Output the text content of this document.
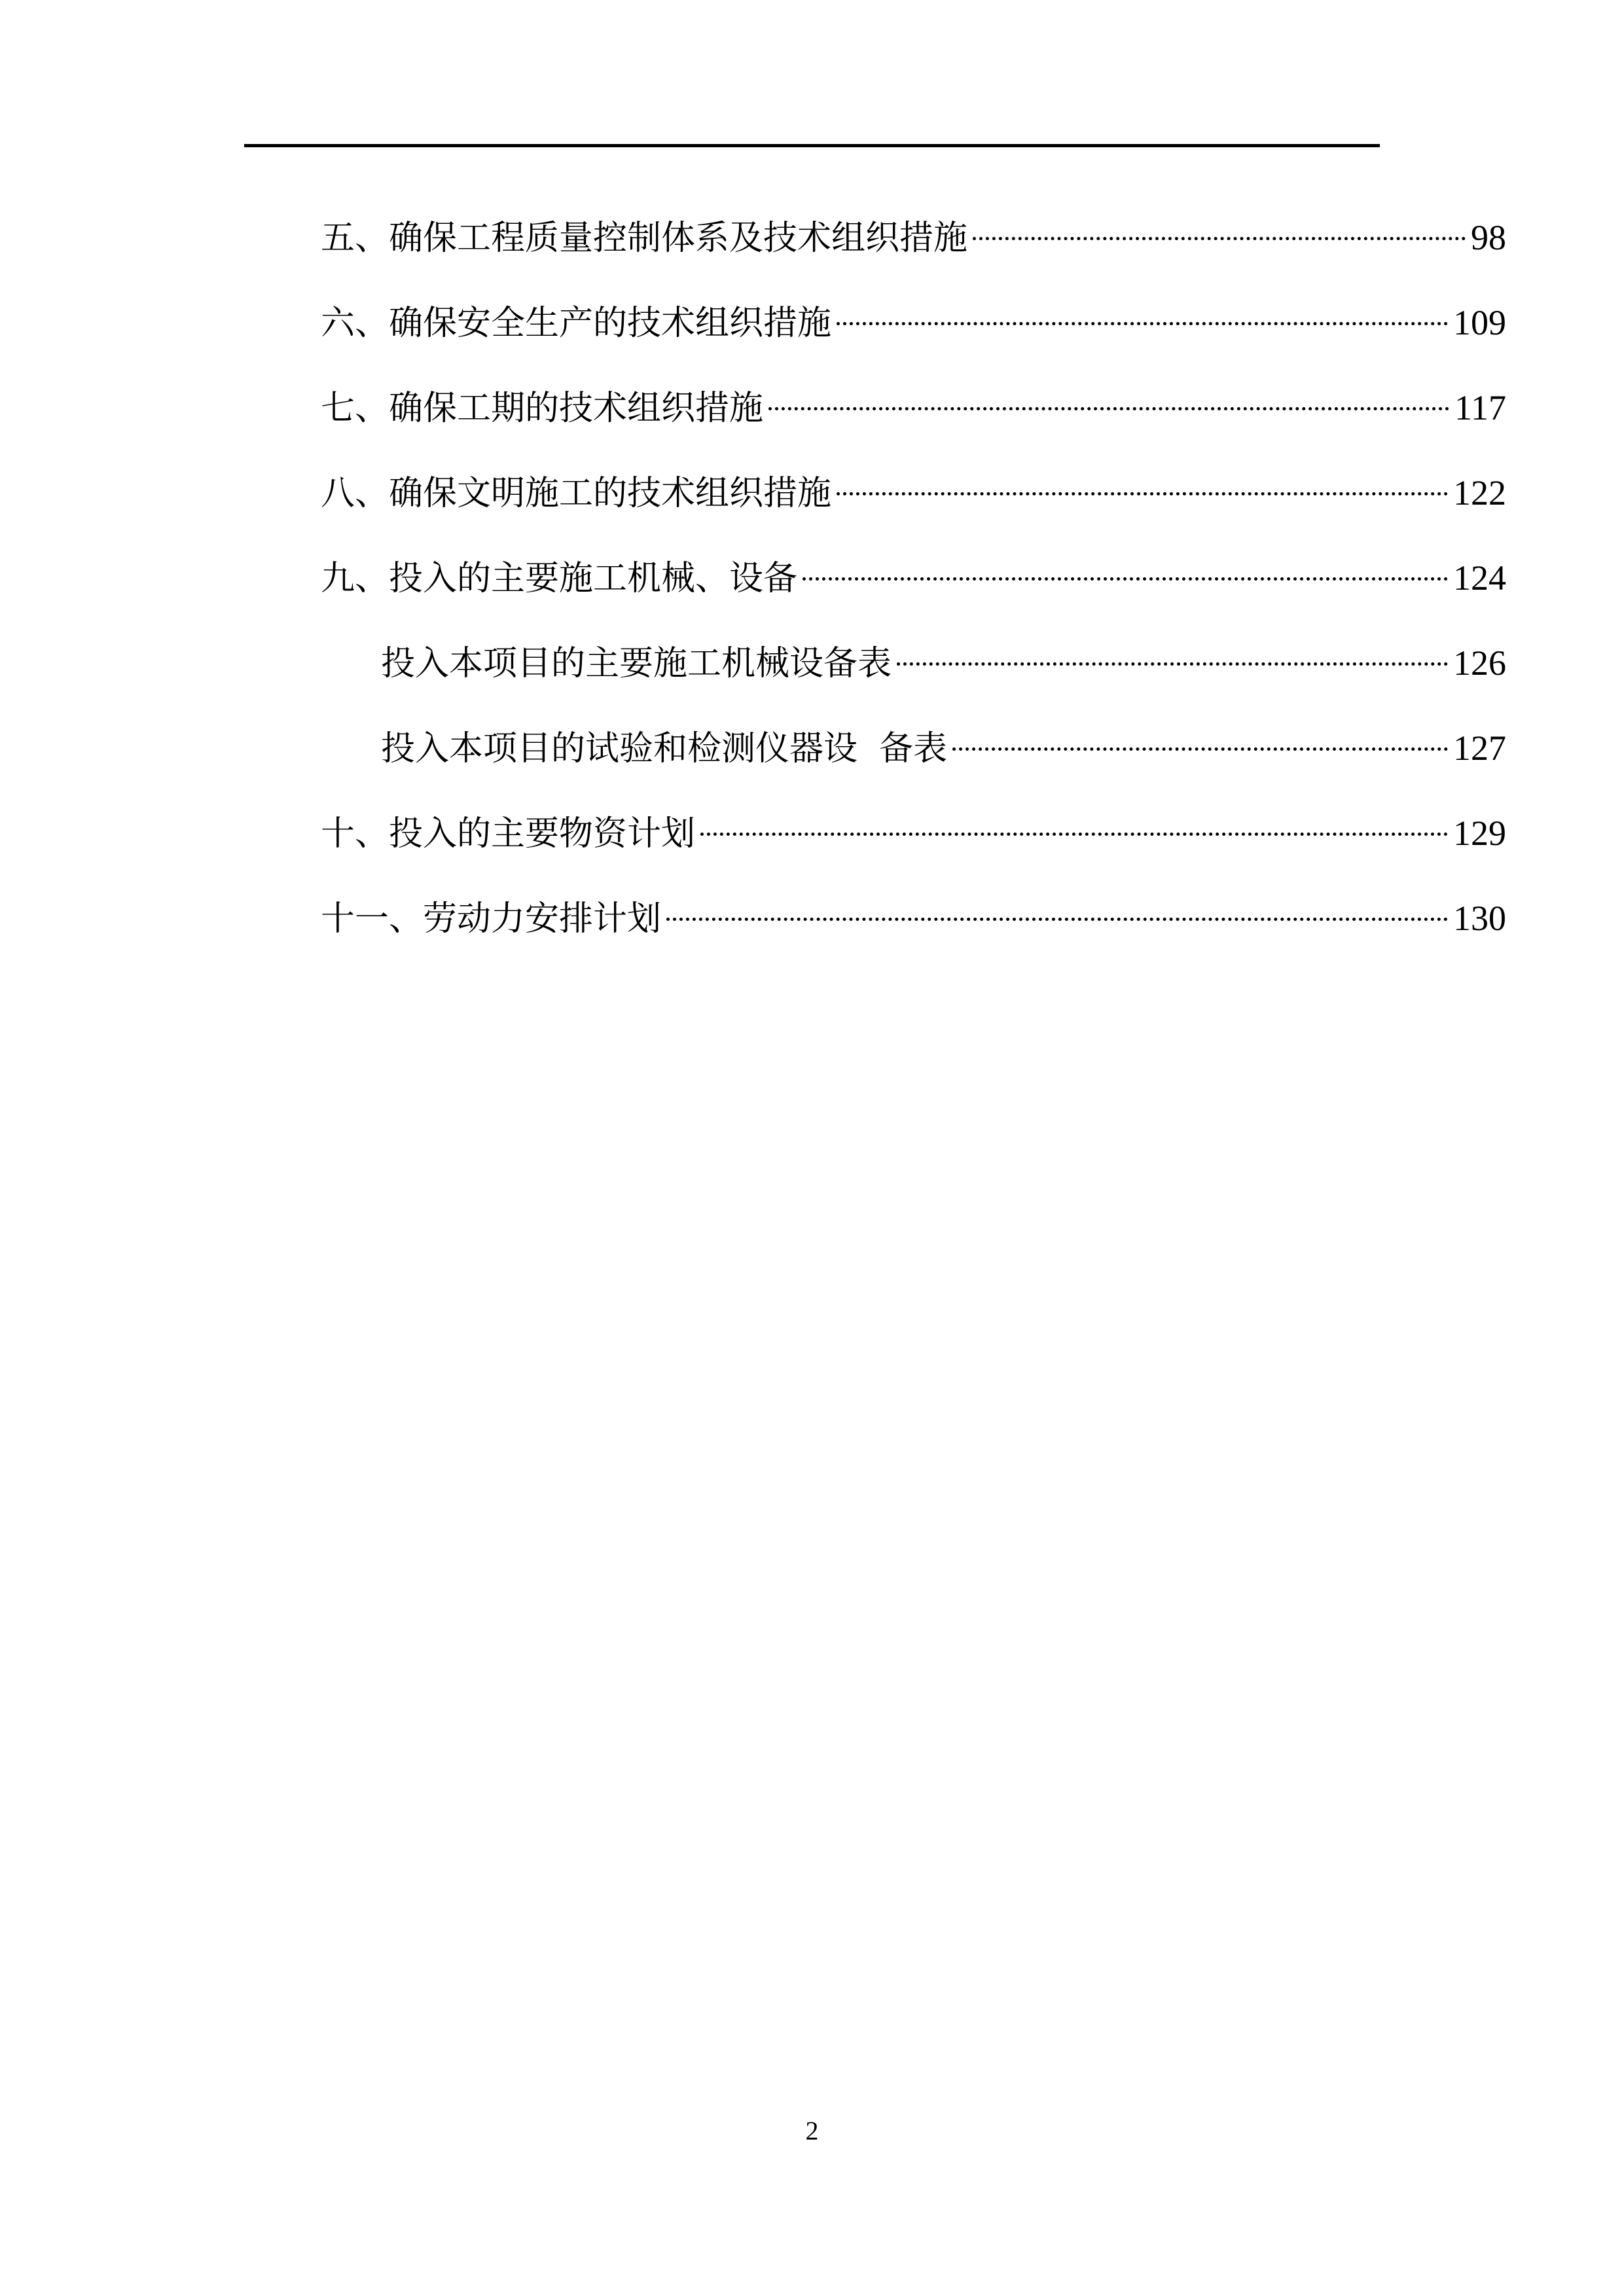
五、确保工程质量控制体系及技术组织措施	98
六、确保安全生产的技术组织措施	109
七、确保工期的技术组织措施	117
八、确保文明施工的技术组织措施	122
九、投入的主要施工机械、设备	124
投入本项目的主要施工机械设备表	126
投入本项目的试验和检测仪器设  备表	127
十、投入的主要物资计划	129
十一、劳动力安排计划	130
2
